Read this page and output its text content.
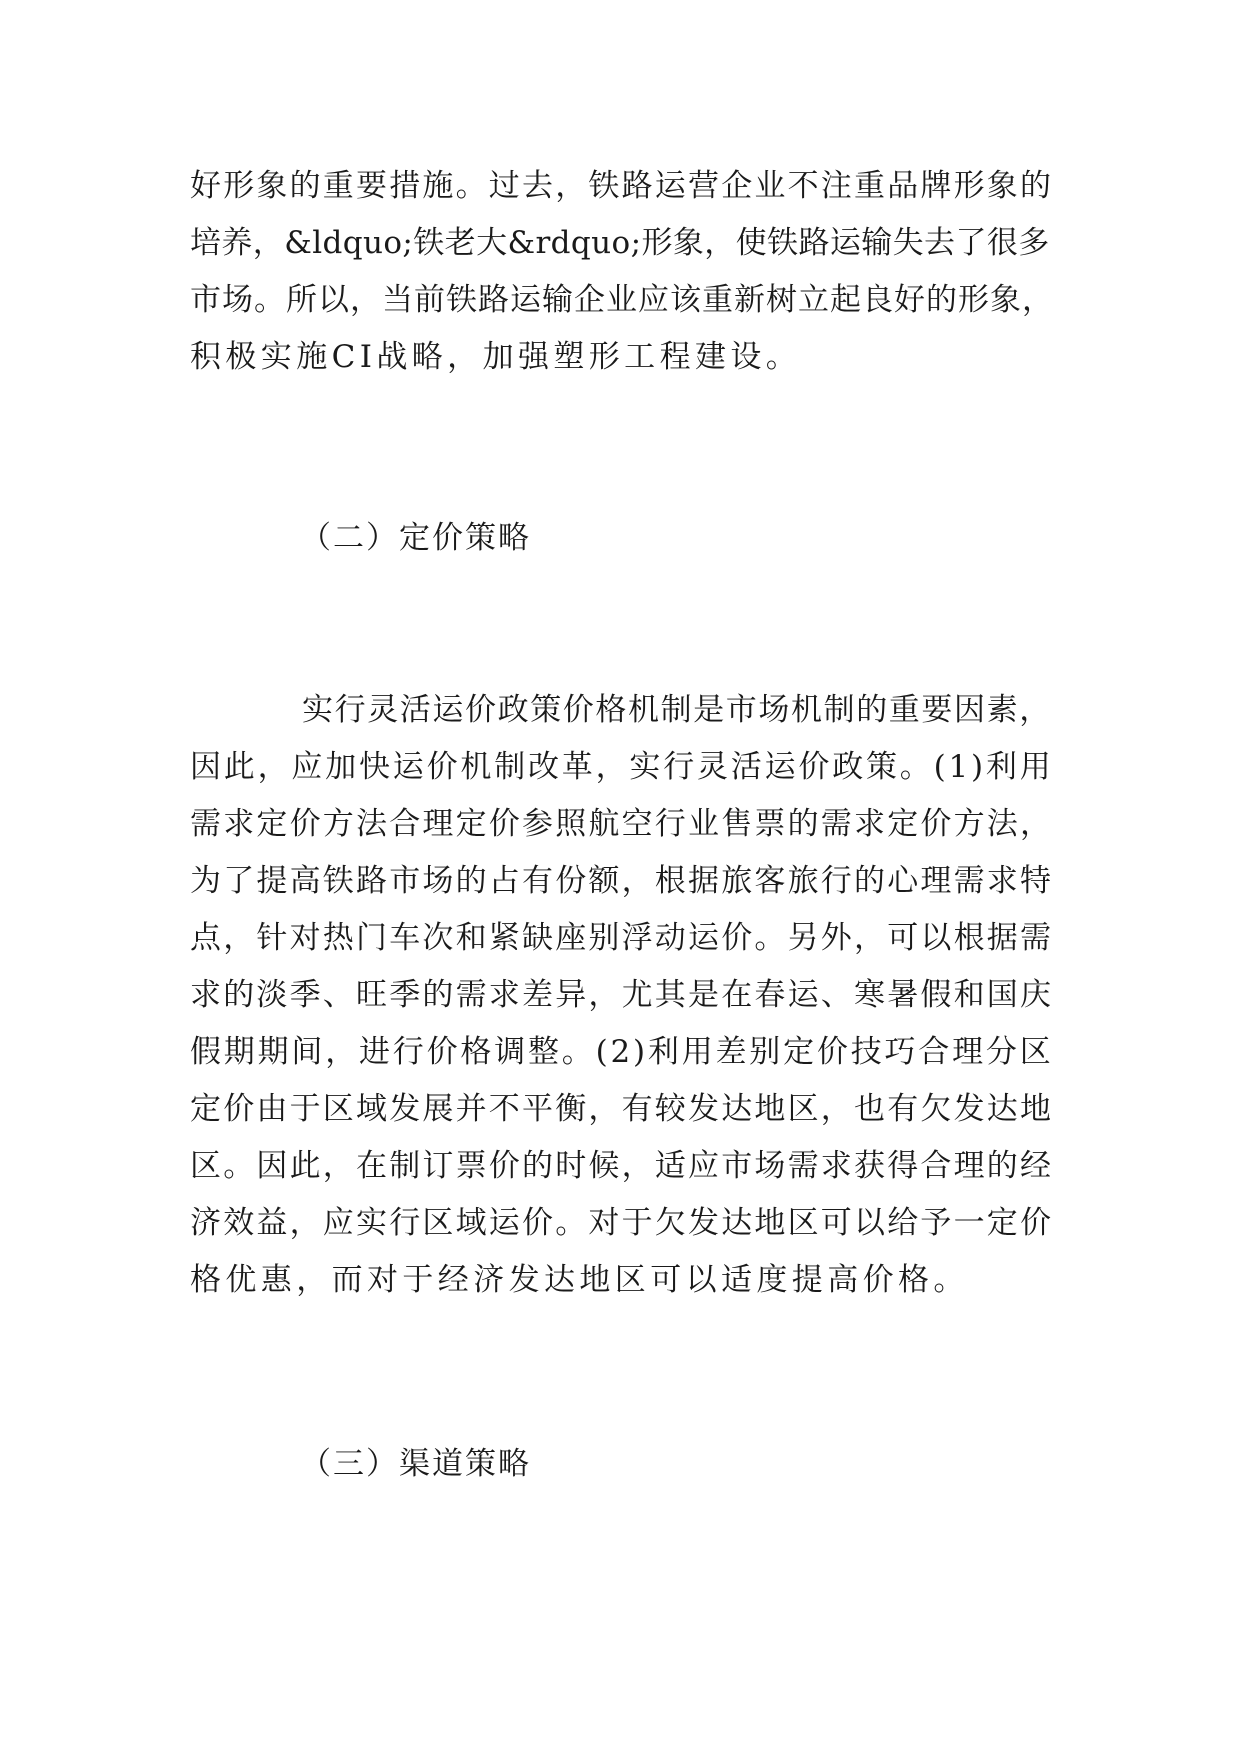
好形象的重要措施。过去，铁路运营企业不注重品牌形象的
培养，&ldquo;铁老大&rdquo;形象，使铁路运输失去了很多
市场。所以，当前铁路运输企业应该重新树立起良好的形象，
积极实施CI战略，加强塑形工程建设。
（二）定价策略
实行灵活运价政策价格机制是市场机制的重要因素，
因此，应加快运价机制改革，实行灵活运价政策。(1)利用
需求定价方法合理定价参照航空行业售票的需求定价方法，
为了提高铁路市场的占有份额，根据旅客旅行的心理需求特
点，针对热门车次和紧缺座别浮动运价。另外，可以根据需
求的淡季、旺季的需求差异，尤其是在春运、寒暑假和国庆
假期期间，进行价格调整。(2)利用差别定价技巧合理分区
定价由于区域发展并不平衡，有较发达地区，也有欠发达地
区。因此，在制订票价的时候，适应市场需求获得合理的经
济效益，应实行区域运价。对于欠发达地区可以给予一定价
格优惠，而对于经济发达地区可以适度提高价格。
（三）渠道策略
